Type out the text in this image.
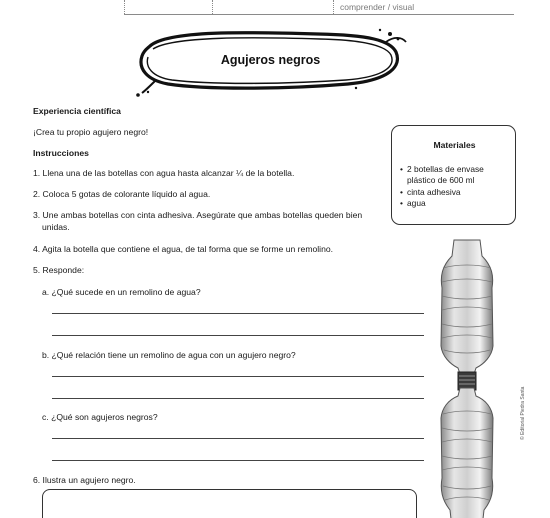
comprender / visual
Agujeros negros
Experiencia científica
¡Crea tu propio agujero negro!
Instrucciones
1. Llena una de las botellas con agua hasta alcanzar ¼ de la botella.
2. Coloca 5 gotas de colorante líquido al agua.
3. Une ambas botellas con cinta adhesiva. Asegúrate que ambas botellas queden bien
unidas.
4. Agita la botella que contiene el agua, de tal forma que se forme un remolino.
5. Responde:
a. ¿Qué sucede en un remolino de agua?
b. ¿Qué relación tiene un remolino de agua con un agujero negro?
c. ¿Qué son agujeros negros?
6. Ilustra un agujero negro.
Materiales
• 2 botellas de envase plástico de 600 ml
• cinta adhesiva
• agua
© Editorial Piedra Santa
